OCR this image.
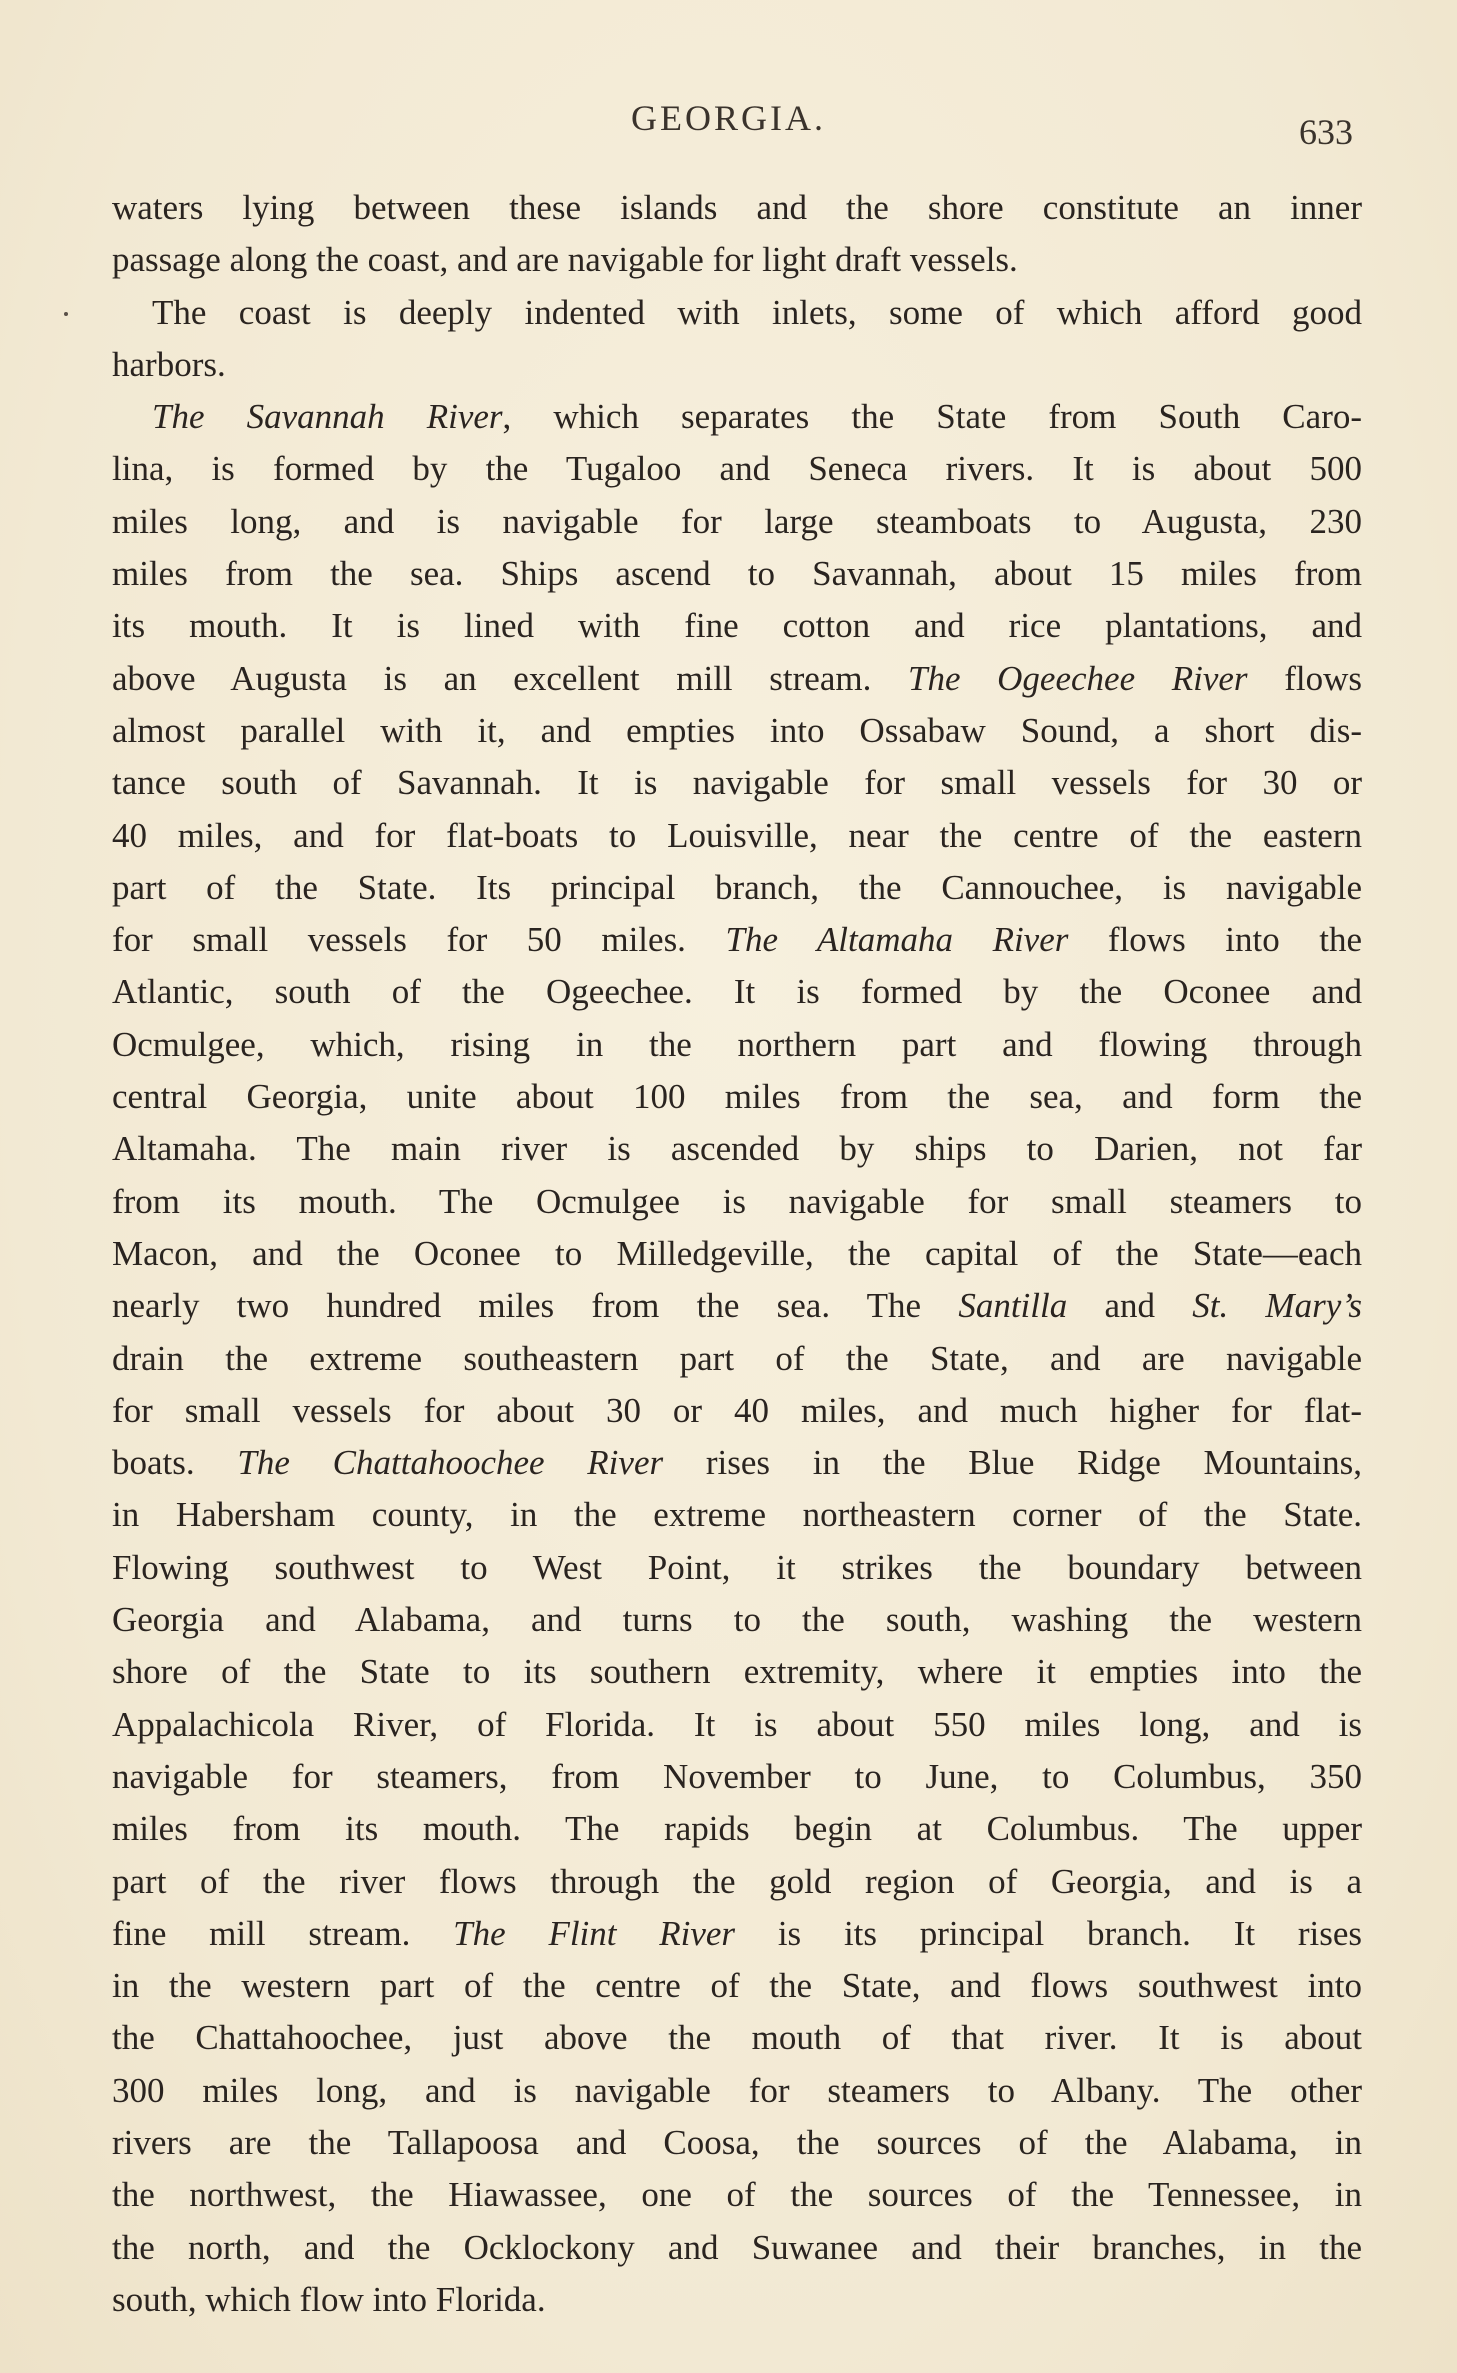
GEORGIA.	633
waters lying between these islands and the shore constitute an inner
passage along the coast, and are navigable for light draft vessels.
The coast is deeply indented with inlets, some of which afford good
harbors.
The Savannah River, which separates the State from South Caro-
lina, is formed by the Tugaloo and Seneca rivers. It is about 500
miles long, and is navigable for large steamboats to Augusta, 230
miles from the sea. Ships ascend to Savannah, about 15 miles from
its mouth. It is lined with fine cotton and rice plantations, and
above Augusta is an excellent mill stream. The Ogeechee River flows
almost parallel with it, and empties into Ossabaw Sound, a short dis-
tance south of Savannah. It is navigable for small vessels for 30 or
40 miles, and for flat-boats to Louisville, near the centre of the eastern
part of the State. Its principal branch, the Cannouchee, is navigable
for small vessels for 50 miles. The Altamaha River flows into the
Atlantic, south of the Ogeechee. It is formed by the Oconee and
Ocmulgee, which, rising in the northern part and flowing through
central Georgia, unite about 100 miles from the sea, and form the
Altamaha. The main river is ascended by ships to Darien, not far
from its mouth. The Ocmulgee is navigable for small steamers to
Macon, and the Oconee to Milledgeville, the capital of the State—each
nearly two hundred miles from the sea. The Santilla and St. Mary’s
drain the extreme southeastern part of the State, and are navigable
for small vessels for about 30 or 40 miles, and much higher for flat-
boats. The Chattahoochee River rises in the Blue Ridge Mountains,
in Habersham county, in the extreme northeastern corner of the State.
Flowing southwest to West Point, it strikes the boundary between
Georgia and Alabama, and turns to the south, washing the western
shore of the State to its southern extremity, where it empties into the
Appalachicola River, of Florida. It is about 550 miles long, and is
navigable for steamers, from November to June, to Columbus, 350
miles from its mouth. The rapids begin at Columbus. The upper
part of the river flows through the gold region of Georgia, and is a
fine mill stream. The Flint River is its principal branch. It rises
in the western part of the centre of the State, and flows southwest into
the Chattahoochee, just above the mouth of that river. It is about
300 miles long, and is navigable for steamers to Albany. The other
rivers are the Tallapoosa and Coosa, the sources of the Alabama, in
the northwest, the Hiawassee, one of the sources of the Tennessee, in
the north, and the Ocklockony and Suwanee and their branches, in the
south, which flow into Florida.
